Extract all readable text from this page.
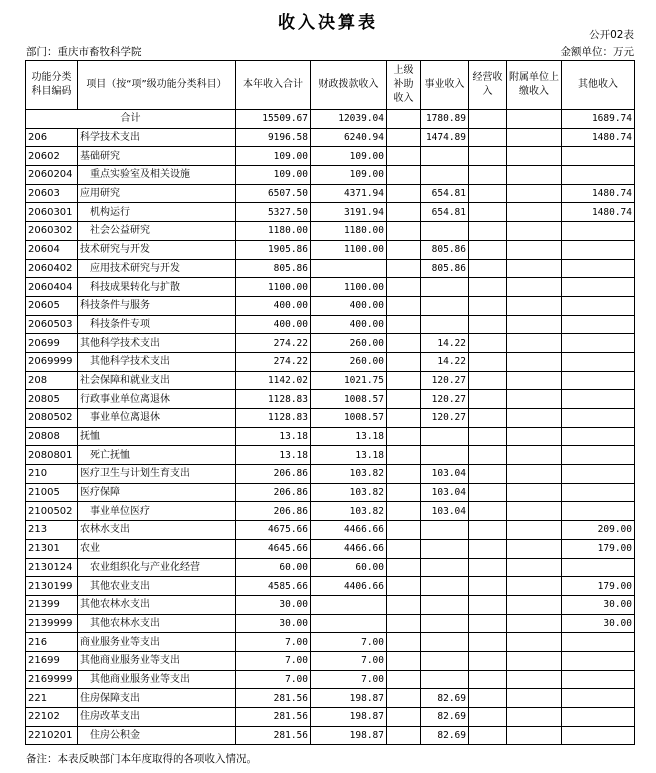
收入决算表
公开02表
部门：重庆市畜牧科学院	金额单位：万元
功能分类科目编码	项目（按“项”级功能分类科目）	本年收入合计	财政拨款收入	上级补助收入	事业收入	经营收入	附属单位上缴收入	其他收入
合计		15509.67	12039.04		1780.89			1689.74
206	科学技术支出	9196.58	6240.94		1474.89			1480.74
20602	基础研究	109.00	109.00					
2060204	重点实验室及相关设施	109.00	109.00					
20603	应用研究	6507.50	4371.94		654.81			1480.74
2060301	机构运行	5327.50	3191.94		654.81			1480.74
2060302	社会公益研究	1180.00	1180.00					
20604	技术研究与开发	1905.86	1100.00		805.86			
2060402	应用技术研究与开发	805.86			805.86			
2060404	科技成果转化与扩散	1100.00	1100.00					
20605	科技条件与服务	400.00	400.00					
2060503	科技条件专项	400.00	400.00					
20699	其他科学技术支出	274.22	260.00		14.22			
2069999	其他科学技术支出	274.22	260.00		14.22			
208	社会保障和就业支出	1142.02	1021.75		120.27			
20805	行政事业单位离退休	1128.83	1008.57		120.27			
2080502	事业单位离退休	1128.83	1008.57		120.27			
20808	抚恤	13.18	13.18					
2080801	死亡抚恤	13.18	13.18					
210	医疗卫生与计划生育支出	206.86	103.82		103.04			
21005	医疗保障	206.86	103.82		103.04			
2100502	事业单位医疗	206.86	103.82		103.04			
213	农林水支出	4675.66	4466.66					209.00
21301	农业	4645.66	4466.66					179.00
2130124	农业组织化与产业化经营	60.00	60.00					
2130199	其他农业支出	4585.66	4406.66					179.00
21399	其他农林水支出	30.00						30.00
2139999	其他农林水支出	30.00						30.00
216	商业服务业等支出	7.00	7.00					
21699	其他商业服务业等支出	7.00	7.00					
2169999	其他商业服务业等支出	7.00	7.00					
221	住房保障支出	281.56	198.87		82.69			
22102	住房改革支出	281.56	198.87		82.69			
2210201	住房公积金	281.56	198.87		82.69			
备注：本表反映部门本年度取得的各项收入情况。
